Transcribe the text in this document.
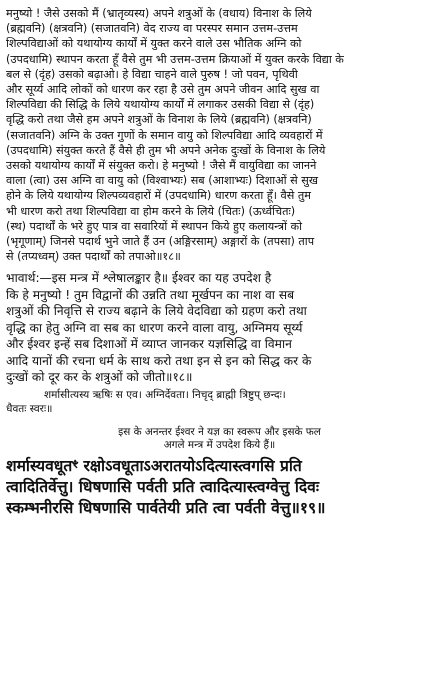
मनुष्यो ! जैसे उसको मैं (भ्रातृव्यस्य) अपने शत्रुओं के (वधाय) विनाश के लिये
(ब्रह्मवनि) (क्षत्रवनि) (सजातवनि) वेद राज्य वा परस्पर समान उत्तम-उत्तम
शिल्पविद्याओं को यथायोग्य कार्यों में युक्त करने वाले उस भौतिक अग्नि को
(उपदधामि) स्थापन करता हूँ वैसे तुम भी उत्तम-उत्तम क्रियाओं में युक्त करके विद्या के
बल से (दृंह) उसको बढ़ाओ। हे विद्या चाहने वाले पुरुष ! जो पवन, पृथिवी
और सूर्य्य आदि लोकों को धारण कर रहा है उसे तुम अपने जीवन आदि सुख वा
शिल्पविद्या की सिद्धि के लिये यथायोग्य कार्यों में लगाकर उसकी विद्या से (दृंह)
वृद्धि करो तथा जैसे हम अपने शत्रुओं के विनाश के लिये (ब्रह्मवनि) (क्षत्रवनि)
(सजातवनि) अग्नि के उक्त गुणों के समान वायु को शिल्पविद्या आदि व्यवहारों में
(उपदधामि) संयुक्त करते हैं वैसे ही तुम भी अपने अनेक दुःखों के विनाश के लिये
उसको यथायोग्य कार्यों में संयुक्त करो। हे मनुष्यो ! जैसे मैं वायुविद्या का जानने
वाला (त्वा) उस अग्नि वा वायु को (विश्वाभ्यः) सब (आशाभ्यः) दिशाओं से सुख
होने के लिये यथायोग्य शिल्पव्यवहारों में (उपदधामि) धारण करता हूँ। वैसे तुम
भी धारण करो तथा शिल्पविद्या वा होम करने के लिये (चितः) (ऊर्ध्वचितः)
(स्थ) पदार्थों के भरे हुए पात्र वा सवारियों में स्थापन किये हुए कलायन्त्रों को
(भृगूणाम्) जिनसे पदार्थ भुने जाते हैं उन (अङ्गिरसाम्) अङ्गारों के (तपसा) ताप
से (तप्यध्वम्) उक्त पदार्थों को तपाओ॥१८॥
भावार्थ:—इस मन्त्र में श्लेषालङ्कार है॥ ईश्वर का यह उपदेश है
कि हे मनुष्यो ! तुम विद्वानों की उन्नति तथा मूर्खपन का नाश वा सब
शत्रुओं की निवृत्ति से राज्य बढ़ाने के लिये वेदविद्या को ग्रहण करो तथा
वृद्धि का हेतु अग्नि वा सब का धारण करने वाला वायु, अग्निमय सूर्य्य
और ईश्वर इन्हें सब दिशाओं में व्याप्त जानकर यज्ञसिद्धि वा विमान
आदि यानों की रचना धर्म के साथ करो तथा इन से इन को सिद्ध कर के
दुःखों को दूर कर के शत्रुओं को जीतो॥१८॥
शर्मासीत्यस्य ऋषिः स एव। अग्निर्देवता। निचृद् ब्राह्मी त्रिष्टुप् छन्दः।
धैवतः स्वरः॥
इस के अनन्तर ईश्वर ने यज्ञ का स्वरूप और इसके फल
अगले मन्त्र में उपदेश किये हैं॥
शर्मास्यवधूतꣳ रक्षोऽवधूताऽअरातयोऽदित्यास्त्वगसि प्रति
त्वादितिर्वेत्तु। धिषणासि पर्वती प्रति त्वादित्यास्त्वग्वेत्तु दिवः
स्कम्भनीरसि धिषणासि पार्वतेयी प्रति त्वा पर्वती वेत्तु॥१९॥
